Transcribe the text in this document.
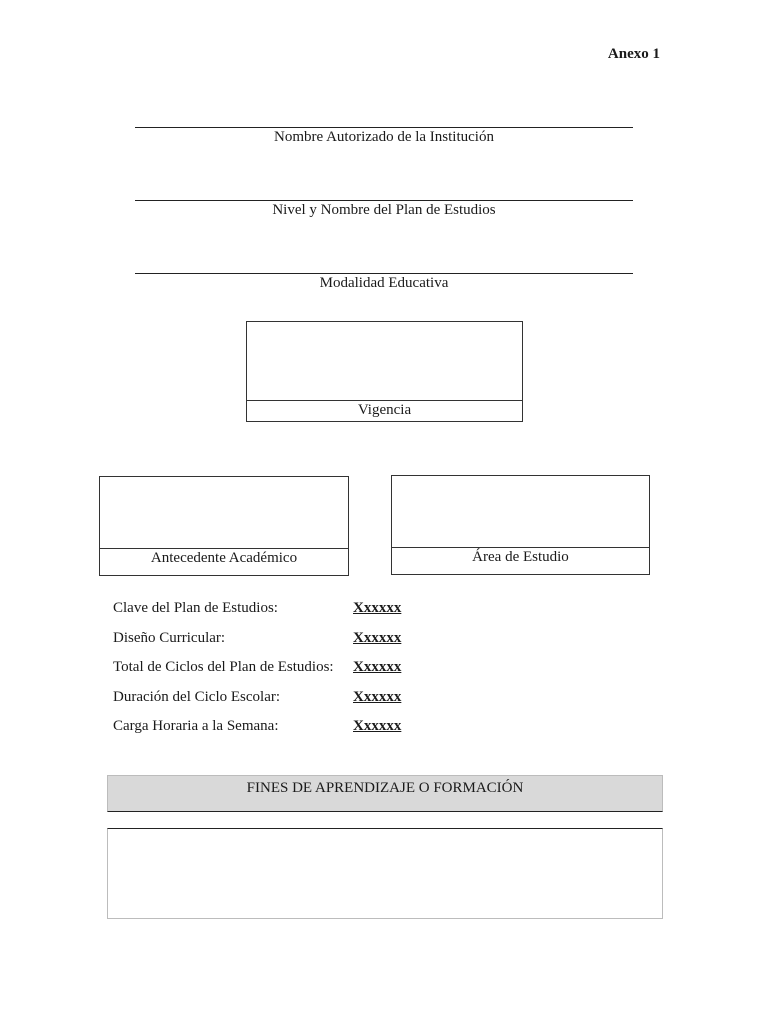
Anexo 1
Nombre Autorizado de la Institución
Nivel y Nombre del Plan de Estudios
Modalidad Educativa
Vigencia
Antecedente Académico	Área de Estudio
Clave del Plan de Estudios:	Xxxxxx
Diseño Curricular:	Xxxxxx
Total de Ciclos del Plan de Estudios: Xxxxxx
Duración del Ciclo Escolar:	Xxxxxx
Carga Horaria a la Semana:	Xxxxxx
FINES DE APRENDIZAJE O FORMACIÓN
